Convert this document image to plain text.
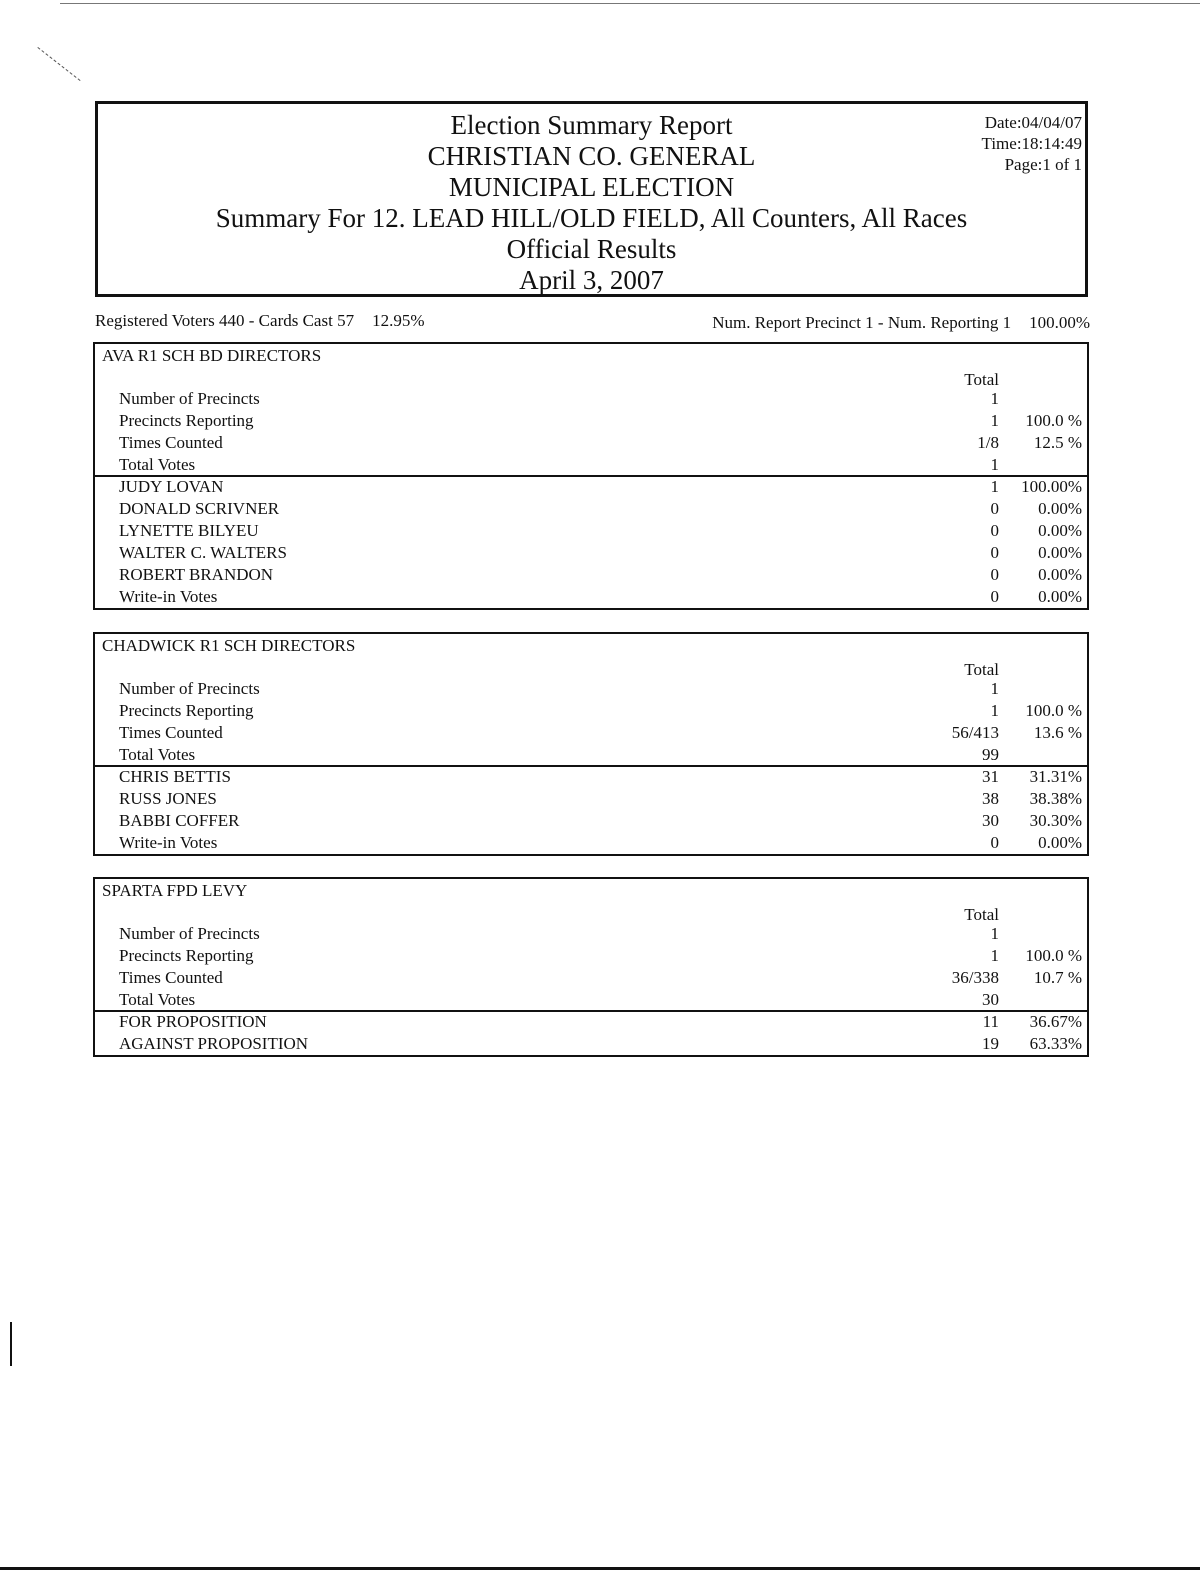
Election Summary Report
CHRISTIAN CO. GENERAL
MUNICIPAL ELECTION
Summary For 12. LEAD HILL/OLD FIELD, All Counters, All Races
Official Results
April 3, 2007
Date:04/04/07
Time:18:14:49
Page:1 of 1
Registered Voters 440 - Cards Cast 57 12.95%	Num. Report Precinct 1 - Num. Reporting 1 100.00%
AVA R1 SCH BD DIRECTORS
Total
Number of Precincts	1
Precincts Reporting	1 100.0 %
Times Counted	1/8 12.5 %
Total Votes	1
JUDY LOVAN	1 100.00%
DONALD SCRIVNER	0 0.00%
LYNETTE BILYEU	0 0.00%
WALTER C. WALTERS	0 0.00%
ROBERT BRANDON	0 0.00%
Write-in Votes	0 0.00%
CHADWICK R1 SCH DIRECTORS
Total
Number of Precincts	1
Precincts Reporting	1 100.0 %
Times Counted	56/413 13.6 %
Total Votes	99
CHRIS BETTIS	31 31.31%
RUSS JONES	38 38.38%
BABBI COFFER	30 30.30%
Write-in Votes	0 0.00%
SPARTA FPD LEVY
Total
Number of Precincts	1
Precincts Reporting	1 100.0 %
Times Counted	36/338 10.7 %
Total Votes	30
FOR PROPOSITION	11 36.67%
AGAINST PROPOSITION	19 63.33%
